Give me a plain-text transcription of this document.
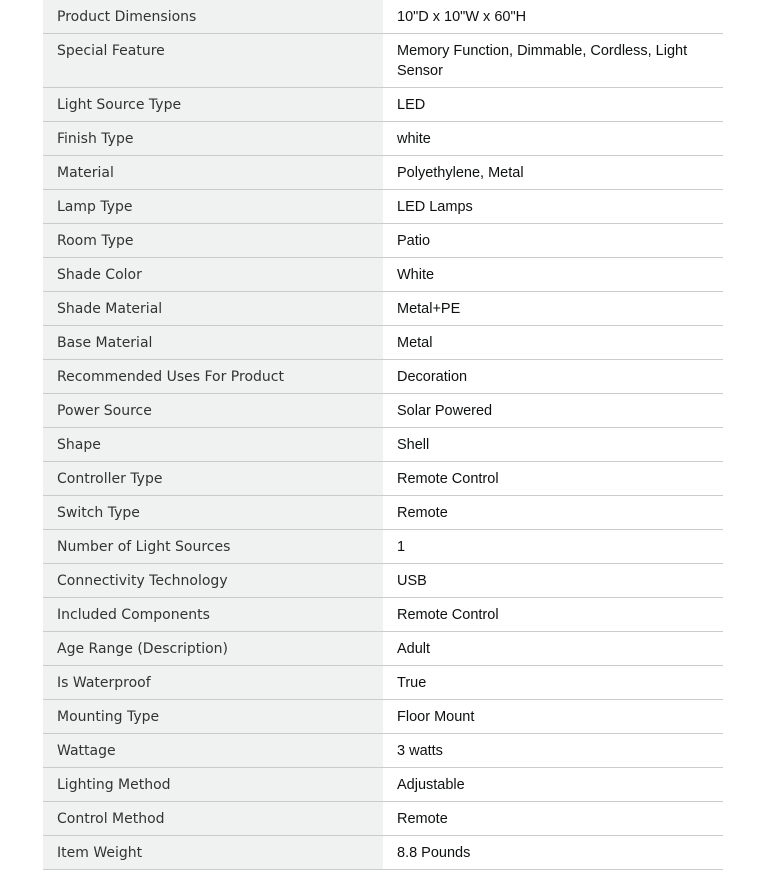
Product Dimensions	10"D x 10"W x 60"H
Special Feature	Memory Function, Dimmable, Cordless, Light Sensor
Light Source Type	LED
Finish Type	white
Material	Polyethylene, Metal
Lamp Type	LED Lamps
Room Type	Patio
Shade Color	White
Shade Material	Metal+PE
Base Material	Metal
Recommended Uses For Product	Decoration
Power Source	Solar Powered
Shape	Shell
Controller Type	Remote Control
Switch Type	Remote
Number of Light Sources	1
Connectivity Technology	USB
Included Components	Remote Control
Age Range (Description)	Adult
Is Waterproof	True
Mounting Type	Floor Mount
Wattage	3 watts
Lighting Method	Adjustable
Control Method	Remote
Item Weight	8.8 Pounds
